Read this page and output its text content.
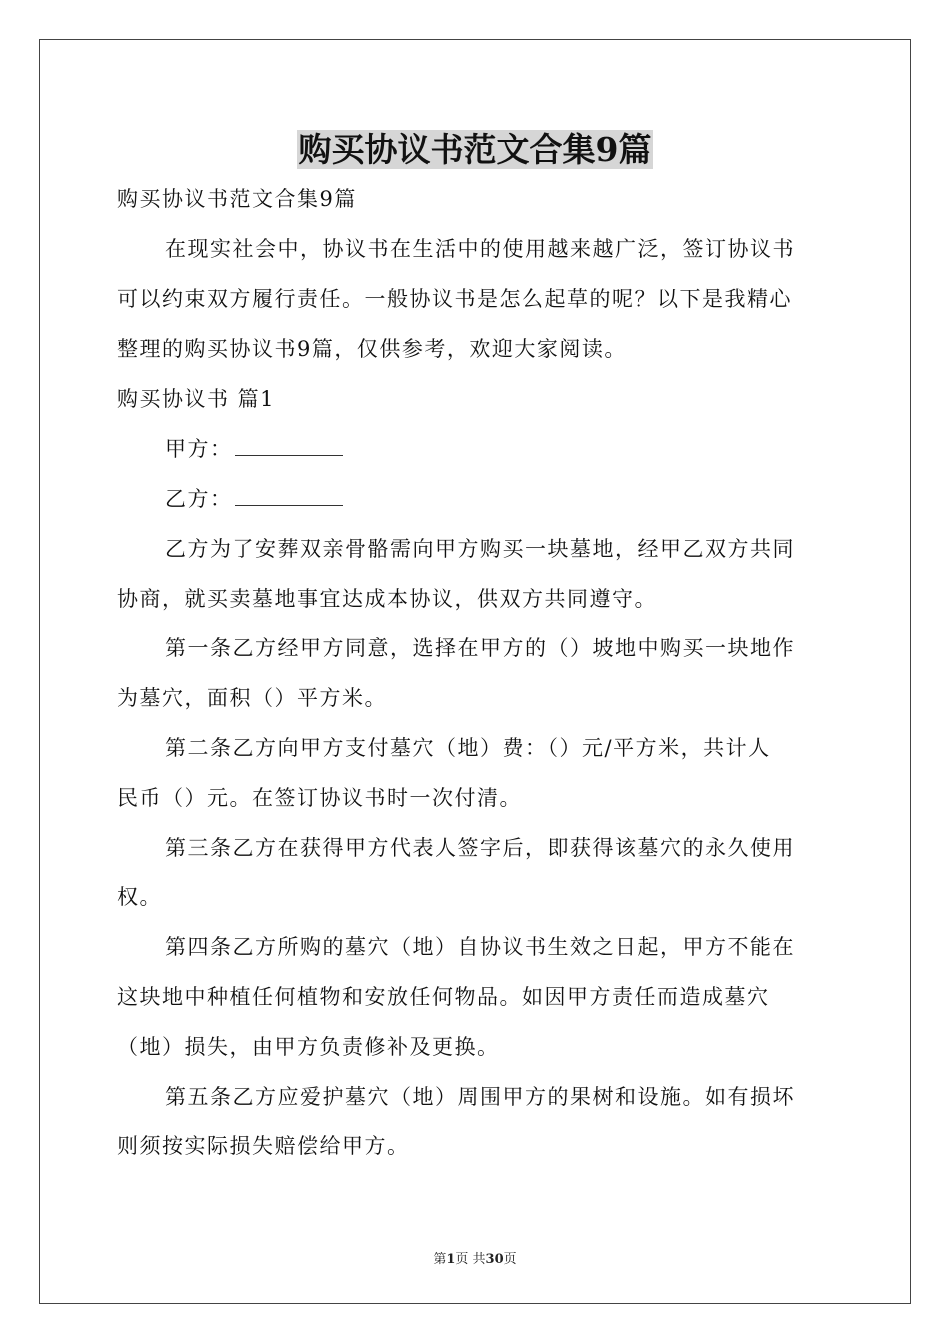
购买协议书范文合集9篇
购买协议书范文合集9篇
在现实社会中，协议书在生活中的使用越来越广泛，签订协议书
可以约束双方履行责任。一般协议书是怎么起草的呢？以下是我精心
整理的购买协议书9篇，仅供参考，欢迎大家阅读。
购买协议书 篇1
甲方：
乙方：
乙方为了安葬双亲骨骼需向甲方购买一块墓地，经甲乙双方共同
协商，就买卖墓地事宜达成本协议，供双方共同遵守。
第一条乙方经甲方同意，选择在甲方的（）坡地中购买一块地作
为墓穴，面积（）平方米。
第二条乙方向甲方支付墓穴（地）费：（）元/平方米，共计人
民币（）元。在签订协议书时一次付清。
第三条乙方在获得甲方代表人签字后，即获得该墓穴的永久使用
权。
第四条乙方所购的墓穴（地）自协议书生效之日起，甲方不能在
这块地中种植任何植物和安放任何物品。如因甲方责任而造成墓穴
（地）损失，由甲方负责修补及更换。
第五条乙方应爱护墓穴（地）周围甲方的果树和设施。如有损坏
则须按实际损失赔偿给甲方。
第1页 共30页
